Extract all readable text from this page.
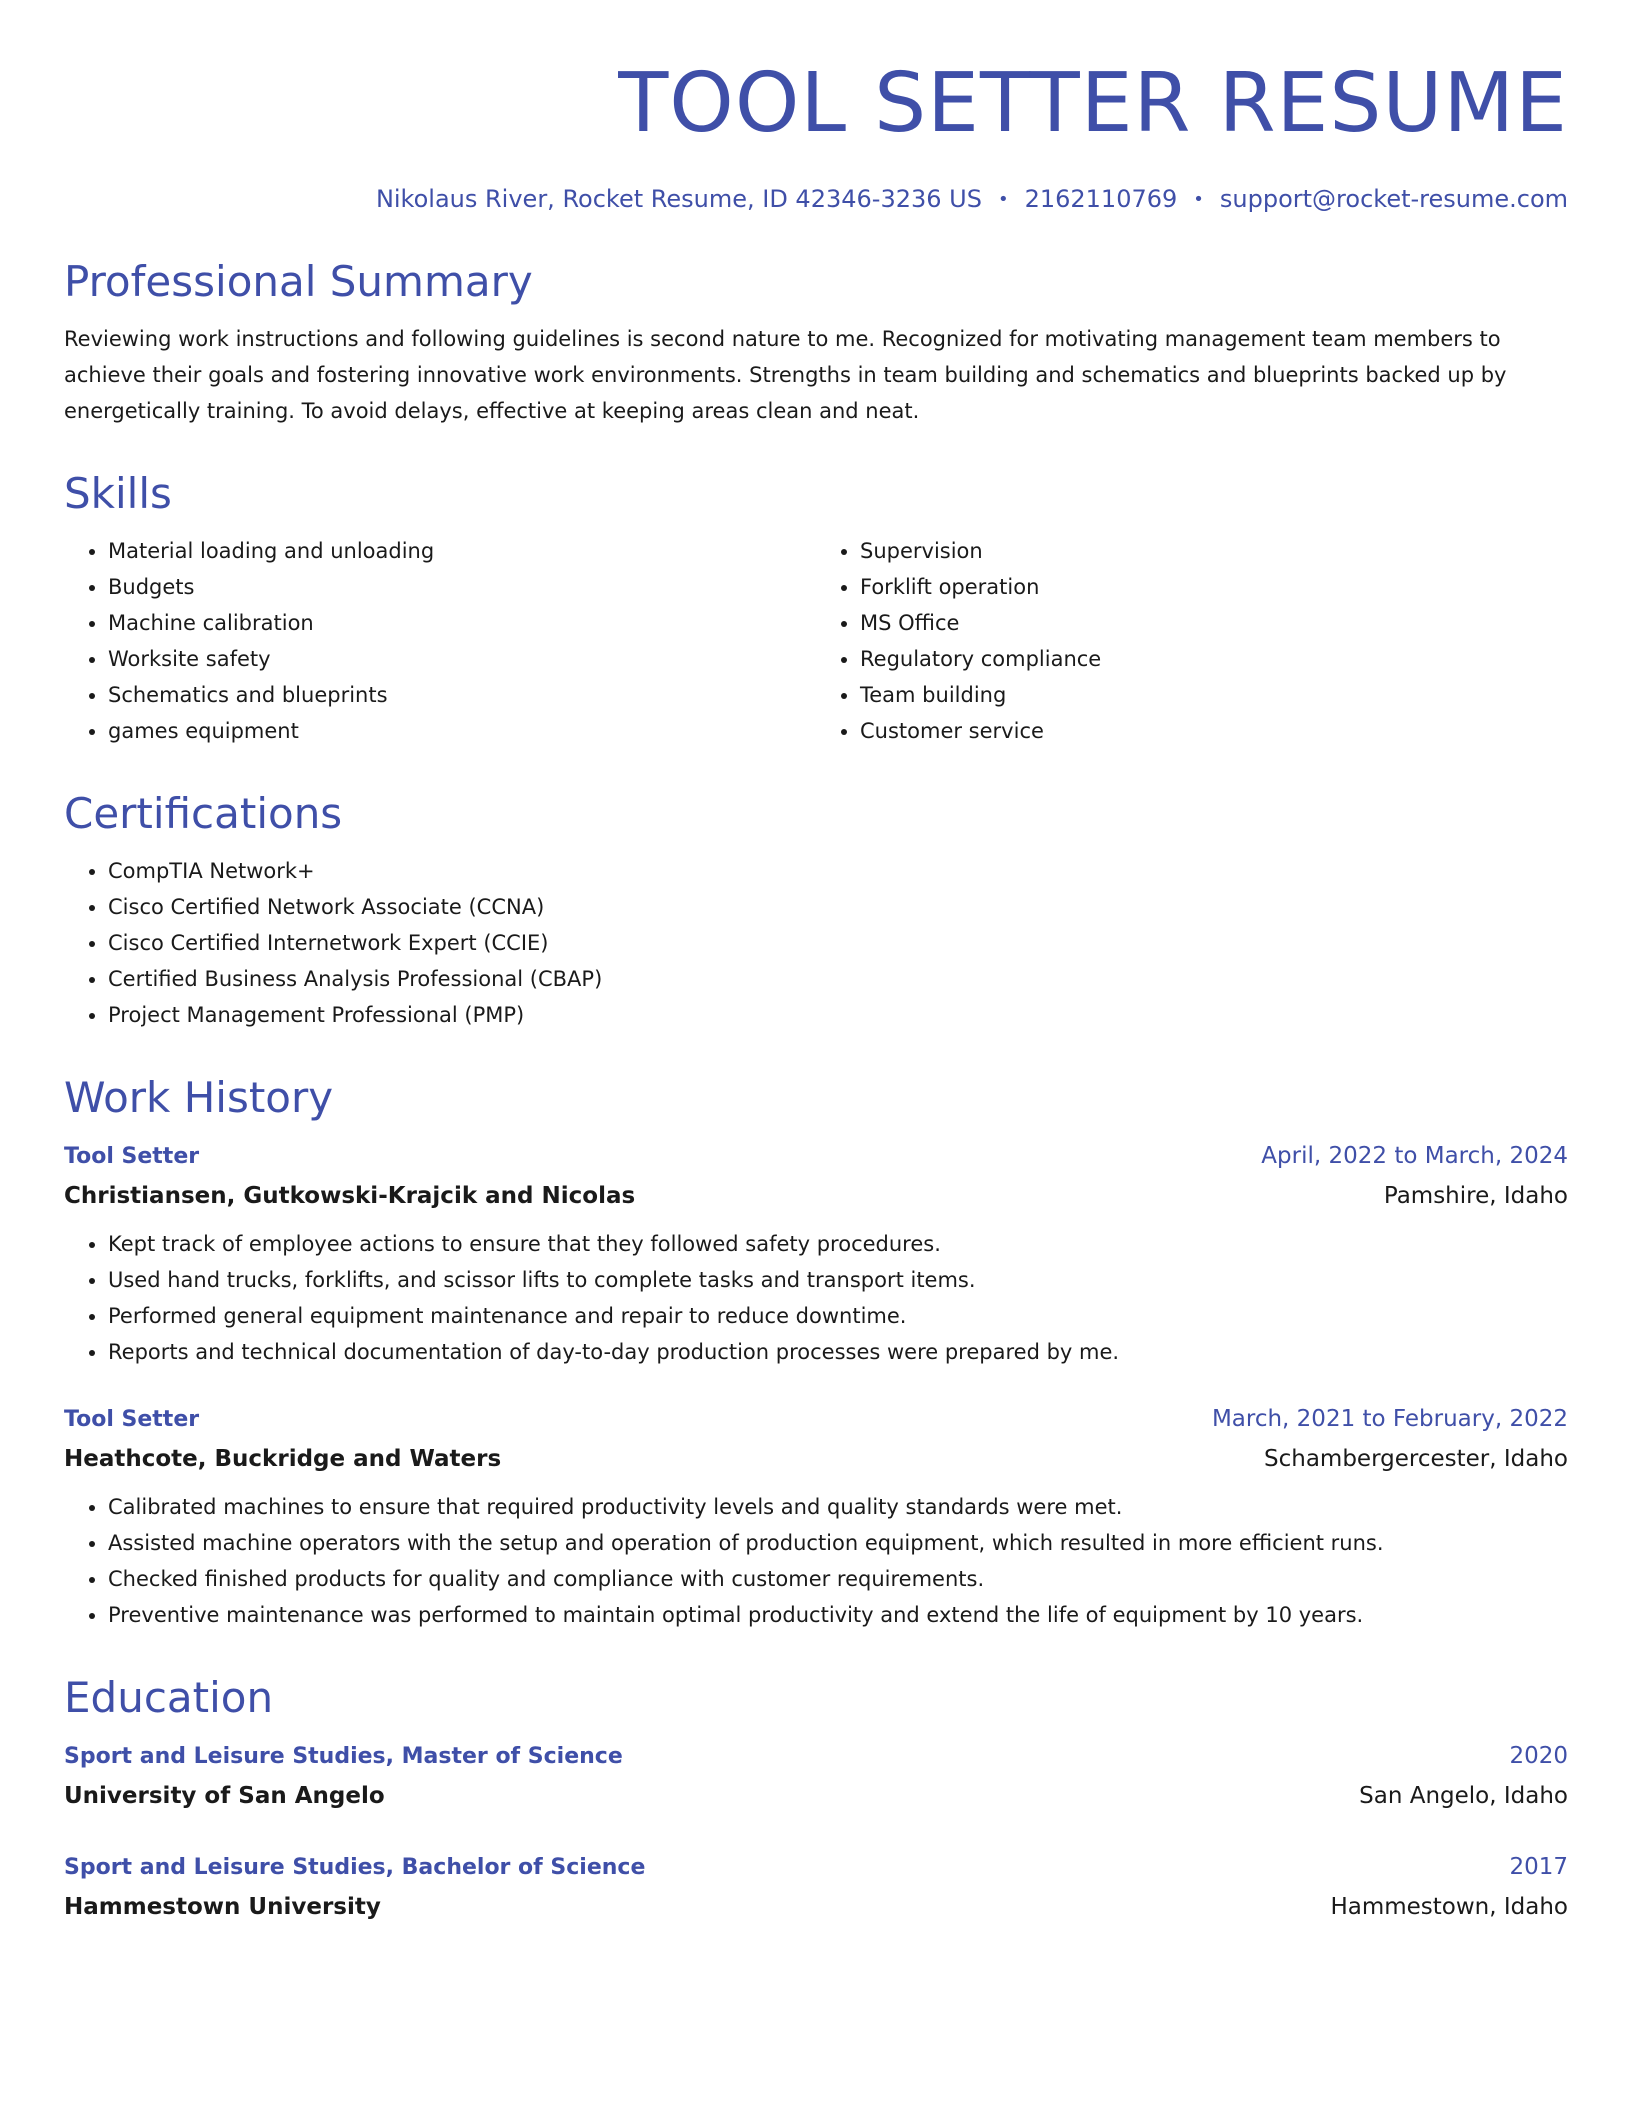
TOOL SETTER RESUME
Nikolaus River, Rocket Resume, ID 42346-3236 US • 2162110769 • support@rocket-resume.com
Professional Summary

Reviewing work instructions and following guidelines is second nature to me. Recognized for motivating management team members to achieve their goals and fostering innovative work environments. Strengths in team building and schematics and blueprints backed up by energetically training. To avoid delays, effective at keeping areas clean and neat.

Skills
• Material loading and unloading
• Budgets
• Machine calibration
• Worksite safety
• Schematics and blueprints
• games equipment
• Supervision
• Forklift operation
• MS Office
• Regulatory compliance
• Team building
• Customer service
Certifications
• CompTIA Network+
• Cisco Certified Network Associate (CCNA)
• Cisco Certified Internetwork Expert (CCIE)
• Certified Business Analysis Professional (CBAP)
• Project Management Professional (PMP)
Work History
Tool Setter	April, 2022 to March, 2024
Christiansen, Gutkowski-Krajcik and Nicolas	Pamshire, Idaho
• Kept track of employee actions to ensure that they followed safety procedures.
• Used hand trucks, forklifts, and scissor lifts to complete tasks and transport items.
• Performed general equipment maintenance and repair to reduce downtime.
• Reports and technical documentation of day-to-day production processes were prepared by me.
Tool Setter	March, 2021 to February, 2022
Heathcote, Buckridge and Waters	Schambergercester, Idaho
• Calibrated machines to ensure that required productivity levels and quality standards were met.
• Assisted machine operators with the setup and operation of production equipment, which resulted in more efficient runs.
• Checked finished products for quality and compliance with customer requirements.
• Preventive maintenance was performed to maintain optimal productivity and extend the life of equipment by 10 years.
Education
Sport and Leisure Studies, Master of Science	2020
University of San Angelo	San Angelo, Idaho
Sport and Leisure Studies, Bachelor of Science	2017
Hammestown University	Hammestown, Idaho
